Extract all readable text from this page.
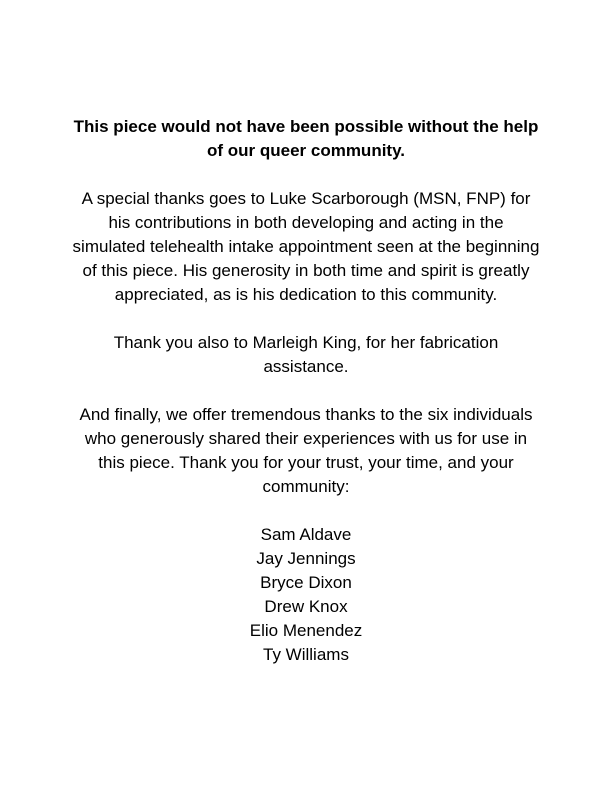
This piece would not have been possible without the help of our queer community.

A special thanks goes to Luke Scarborough (MSN, FNP) for his contributions in both developing and acting in the simulated telehealth intake appointment seen at the beginning of this piece. His generosity in both time and spirit is greatly appreciated, as is his dedication to this community.

Thank you also to Marleigh King, for her fabrication assistance.

And finally, we offer tremendous thanks to the six individuals who generously shared their experiences with us for use in this piece. Thank you for your trust, your time, and your community:

Sam Aldave
Jay Jennings
Bryce Dixon
Drew Knox
Elio Menendez
Ty Williams
